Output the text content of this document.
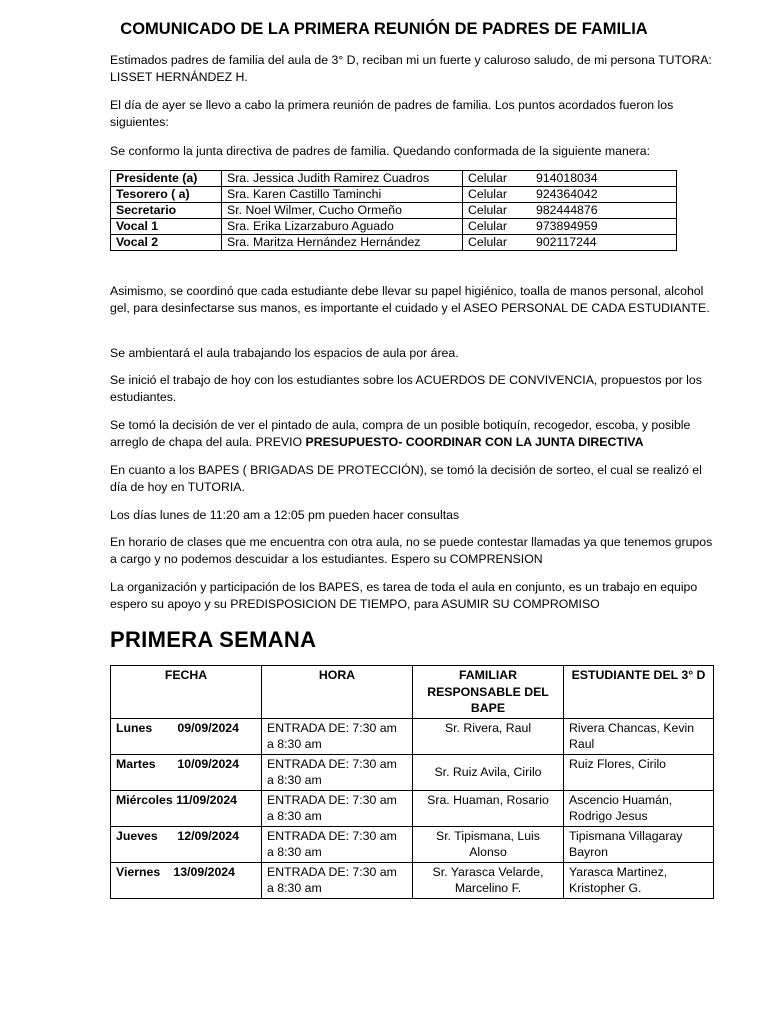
COMUNICADO DE LA PRIMERA REUNIÓN DE PADRES DE FAMILIA

Estimados padres de familia del aula de 3° D, reciban mi un fuerte y caluroso saludo, de mi persona TUTORA: LISSET HERNÁNDEZ H.

El día de ayer se llevo a cabo la primera reunión de padres de familia. Los puntos acordados fueron los siguientes:

Se conformo la junta directiva de padres de familia. Quedando conformada de la siguiente manera:

Presidente (a)	Sra. Jessica Judith Ramirez Cuadros	Celular	914018034
Tesorero ( a)	Sra. Karen Castillo Taminchi	Celular	924364042
Secretario	Sr. Noel Wilmer, Cucho Ormeño	Celular	982444876
Vocal 1	Sra. Erika Lizarzaburo Aguado	Celular	973894959
Vocal 2	Sra. Maritza Hernández Hernández	Celular	902117244

Asimismo, se coordinó que cada estudiante debe llevar su papel higiénico, toalla de manos personal, alcohol gel, para desinfectarse sus manos, es importante el cuidado y el ASEO PERSONAL DE CADA ESTUDIANTE.

Se ambientará el aula trabajando los espacios de aula por área.

Se inició el trabajo de hoy con los estudiantes sobre los ACUERDOS DE CONVIVENCIA, propuestos por los estudiantes.

Se tomó la decisión de ver el pintado de aula, compra de un posible botiquín, recogedor, escoba, y posible arreglo de chapa del aula. PREVIO PRESUPUESTO- COORDINAR CON LA JUNTA DIRECTIVA

En cuanto a los BAPES ( BRIGADAS DE PROTECCIÓN), se tomó la decisión de sorteo, el cual se realizó el día de hoy en TUTORIA.

Los días lunes de 11:20 am a 12:05 pm pueden hacer consultas

En horario de clases que me encuentra con otra aula, no se puede contestar llamadas ya que tenemos grupos a cargo y no podemos descuidar a los estudiantes. Espero su COMPRENSION

La organización y participación de los BAPES, es tarea de toda el aula en conjunto, es un trabajo en equipo espero su apoyo y su PREDISPOSICION DE TIEMPO, para ASUMIR SU COMPROMISO

PRIMERA SEMANA
FECHA	HORA	FAMILIAR RESPONSABLE DEL BAPE	ESTUDIANTE DEL 3° D
Lunes 09/09/2024	ENTRADA DE: 7:30 am a 8:30 am	Sr. Rivera, Raul	Rivera Chancas, Kevin Raul
Martes 10/09/2024	ENTRADA DE: 7:30 am a 8:30 am	Sr. Ruiz Avila, Cirilo	Ruiz Flores, Cirilo
Miércoles 11/09/2024	ENTRADA DE: 7:30 am a 8:30 am	Sra. Huaman, Rosario	Ascencio Huamán, Rodrigo Jesus
Jueves 12/09/2024	ENTRADA DE: 7:30 am a 8:30 am	Sr. Tipismana, Luis Alonso	Tipismana Villagaray Bayron
Viernes 13/09/2024	ENTRADA DE: 7:30 am a 8:30 am	Sr. Yarasca Velarde, Marcelino F.	Yarasca Martinez, Kristopher G.
